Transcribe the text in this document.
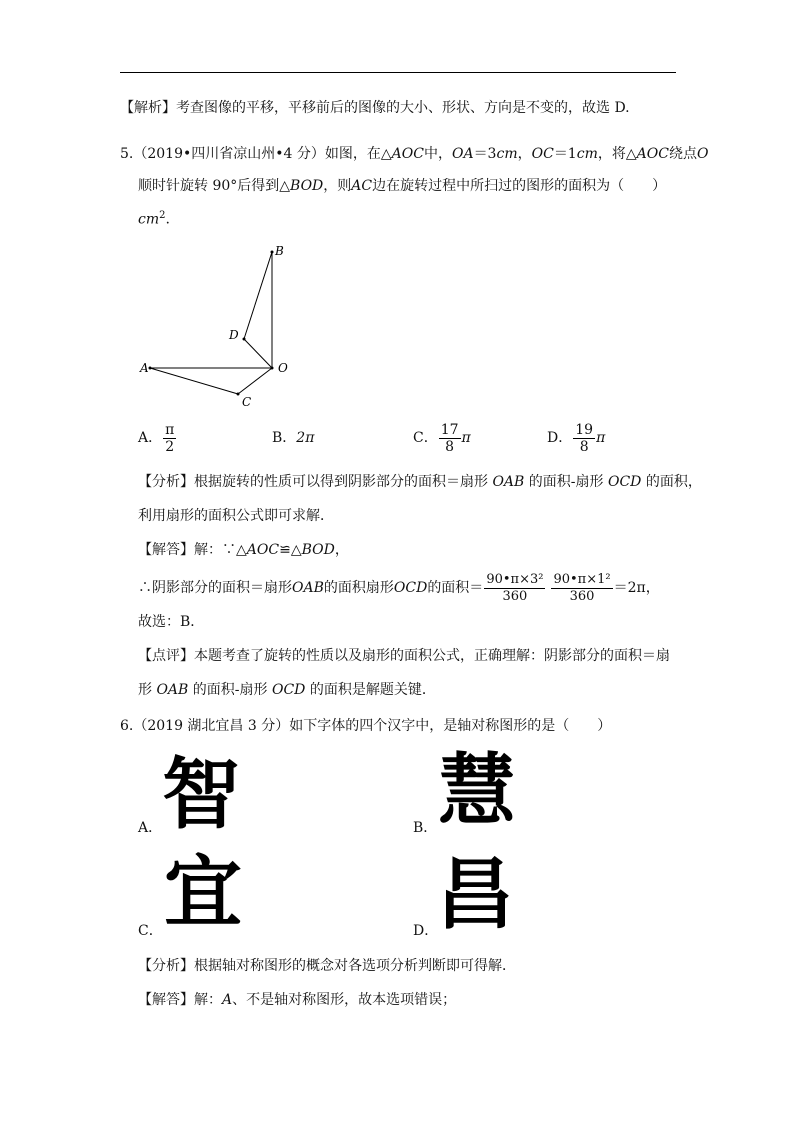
【解析】考查图像的平移，平移前后的图像的大小、形状、方向是不变的，故选 D.
5.（2019•四川省凉山州•4 分）如图，在△AOC中，OA＝3cm，OC＝1cm，将△AOC绕点O
顺时针旋转 90°后得到△BOD，则AC边在旋转过程中所扫过的图形的面积为（　　）
$cm^2$.
B
D
O
A
C
A． $\frac{\pi}{2}$	B．2π	C． $\frac{17}{8}$ π	D． $\frac{19}{8}$ π
【分析】根据旋转的性质可以得到阴影部分的面积＝扇形 OAB 的面积-扇形 OCD 的面积，
利用扇形的面积公式即可求解．
【解答】解：∵△AOC≌△BOD，
∴阴影部分的面积＝扇形OAB的面积扇形OCD的面积＝ $\frac{\text{90•π×3²}}{360} \frac{\text{90•π×1²}}{360} =2\pi$，
故选：B．
【点评】本题考查了旋转的性质以及扇形的面积公式，正确理解：阴影部分的面积＝扇
形 OAB 的面积-扇形 OCD 的面积是解题关键．
6.（2019 湖北宜昌 3 分）如下字体的四个汉字中，是轴对称图形的是（　　）
A． 智	B． 慧
C． 宜	D．
昌
【分析】根据轴对称图形的概念对各选项分析判断即可得解．
【解答】解：A、不是轴对称图形，故本选项错误；
